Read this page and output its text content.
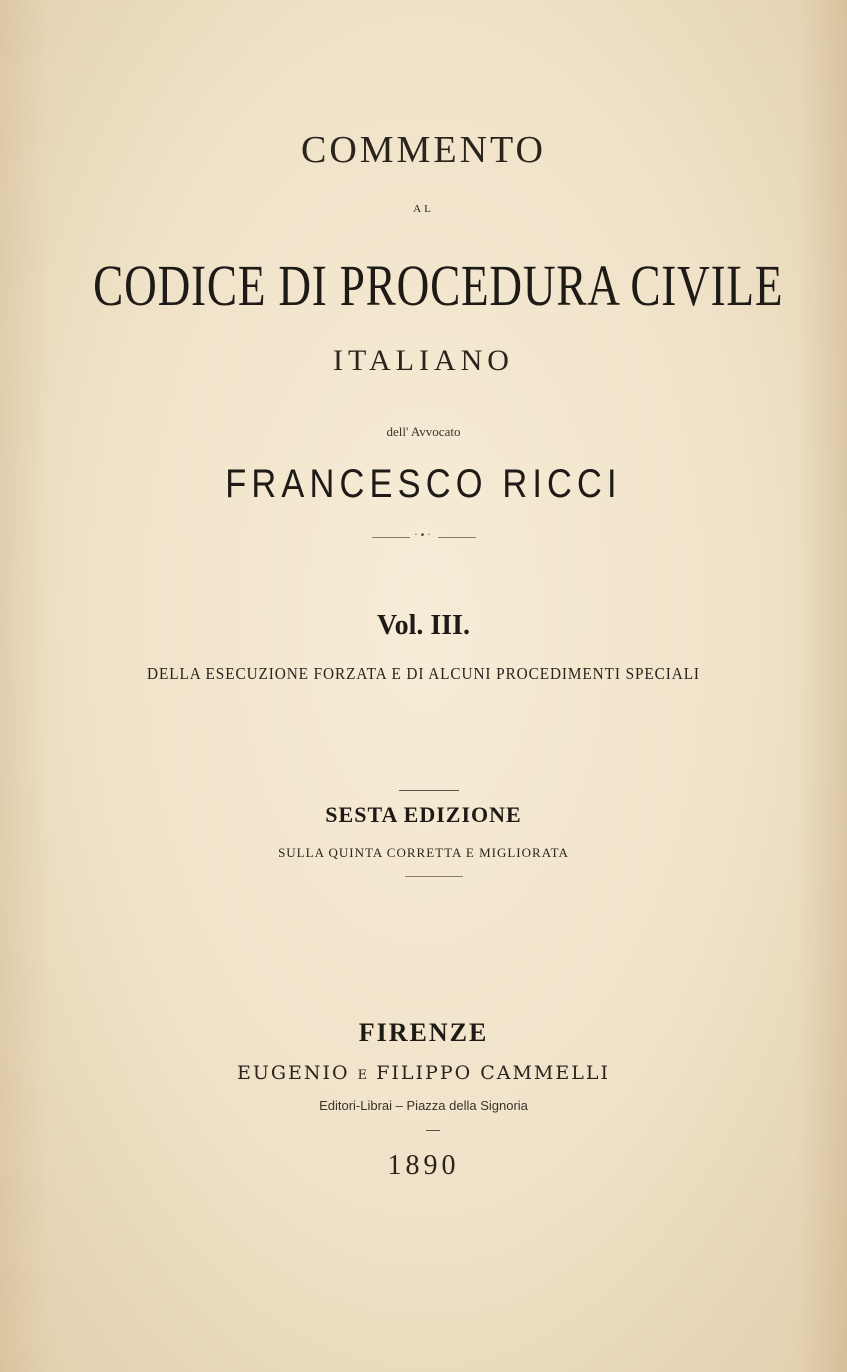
COMMENTO

AL

CODICE DI PROCEDURA CIVILE

ITALIANO

dell' Avvocato

FRANCESCO RICCI

·•·

Vol. III.

DELLA ESECUZIONE FORZATA E DI ALCUNI PROCEDIMENTI SPECIALI

SESTA EDIZIONE

SULLA QUINTA CORRETTA E MIGLIORATA

FIRENZE

EUGENIO E FILIPPO CAMMELLI

Editori-Librai – Piazza della Signoria

1890
